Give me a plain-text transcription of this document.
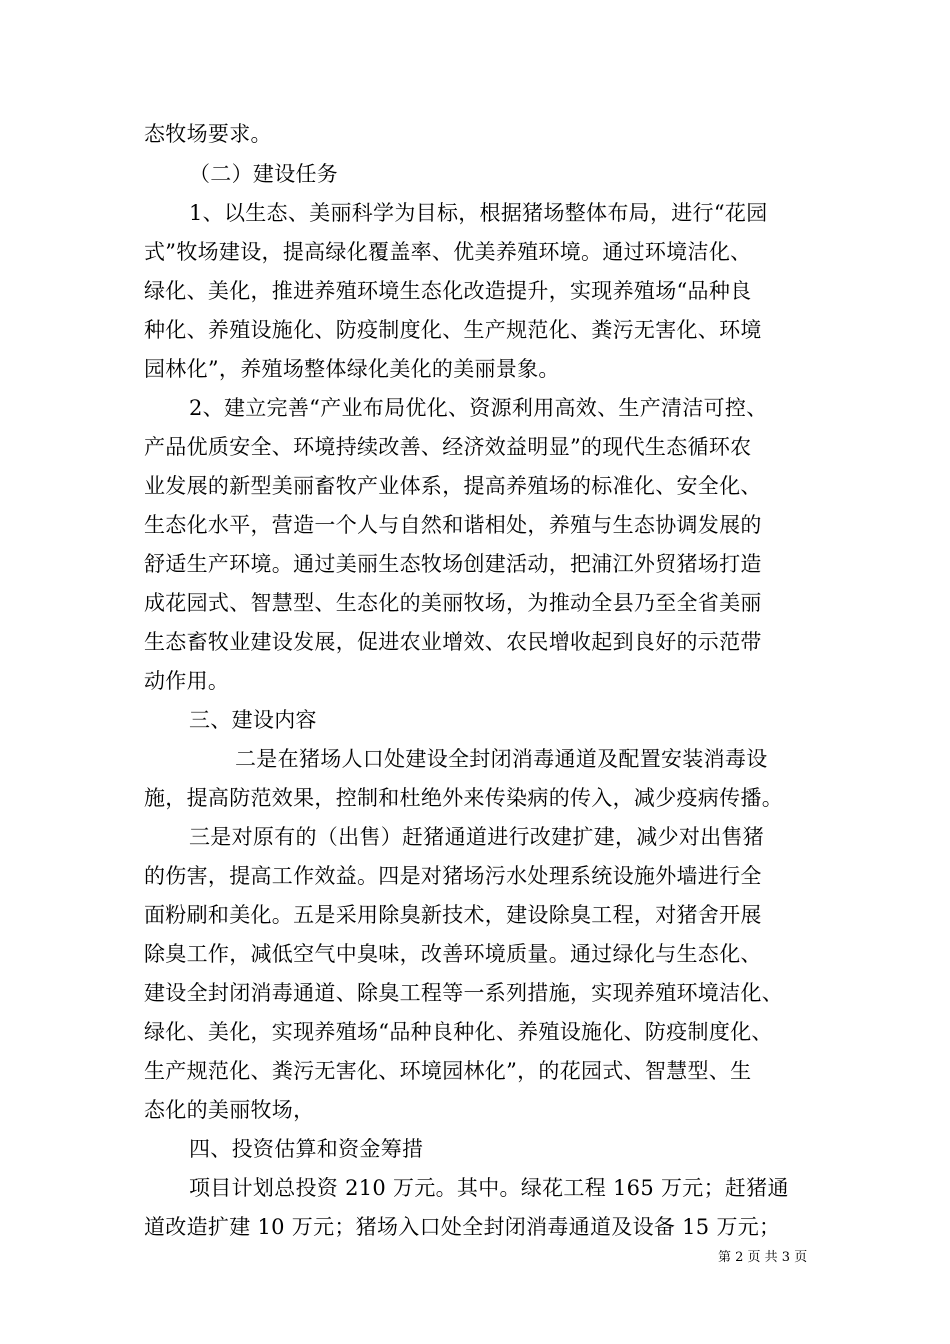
态牧场要求。
（二）建设任务
1、以生态、美丽科学为目标，根据猪场整体布局，进行“花园
式”牧场建设，提高绿化覆盖率、优美养殖环境。通过环境洁化、
绿化、美化，推进养殖环境生态化改造提升，实现养殖场“品种良
种化、养殖设施化、防疫制度化、生产规范化、粪污无害化、环境
园林化”，养殖场整体绿化美化的美丽景象。
2、建立完善“产业布局优化、资源利用高效、生产清洁可控、
产品优质安全、环境持续改善、经济效益明显”的现代生态循环农
业发展的新型美丽畜牧产业体系，提高养殖场的标准化、安全化、
生态化水平，营造一个人与自然和谐相处，养殖与生态协调发展的
舒适生产环境。通过美丽生态牧场创建活动，把浦江外贸猪场打造
成花园式、智慧型、生态化的美丽牧场，为推动全县乃至全省美丽
生态畜牧业建设发展，促进农业增效、农民增收起到良好的示范带
动作用。
三、建设内容
二是在猪场人口处建设全封闭消毒通道及配置安装消毒设
施，提高防范效果，控制和杜绝外来传染病的传入，减少疫病传播。
三是对原有的（出售）赶猪通道进行改建扩建，减少对出售猪
的伤害，提高工作效益。四是对猪场污水处理系统设施外墙进行全
面粉刷和美化。五是采用除臭新技术，建设除臭工程，对猪舍开展
除臭工作，减低空气中臭味，改善环境质量。通过绿化与生态化、
建设全封闭消毒通道、除臭工程等一系列措施，实现养殖环境洁化、
绿化、美化，实现养殖场“品种良种化、养殖设施化、防疫制度化、
生产规范化、粪污无害化、环境园林化”，的花园式、智慧型、生
态化的美丽牧场，
四、投资估算和资金筹措
项目计划总投资 210 万元。其中。绿花工程 165 万元；赶猪通
道改造扩建 10 万元；猪场入口处全封闭消毒通道及设备 15 万元；
第 2 页 共 3 页
